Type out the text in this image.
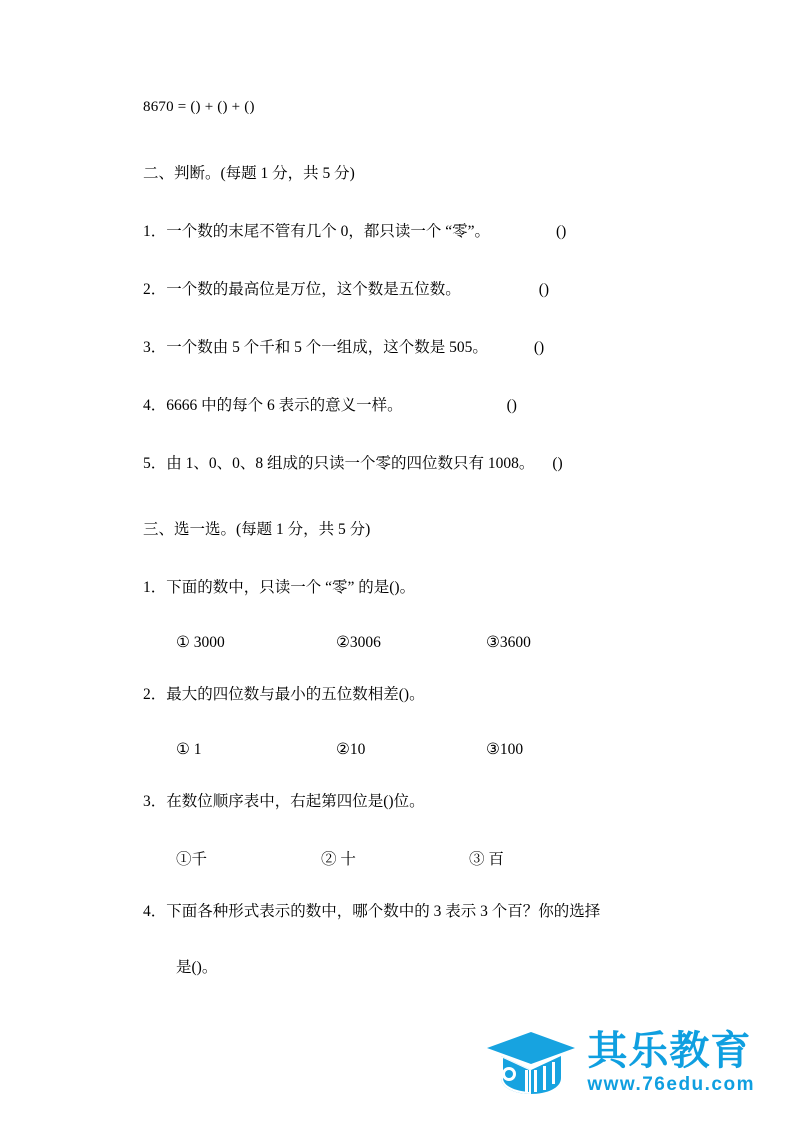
8670 = () + () + ()
二、判断。(每题 1 分，共 5 分)
1．一个数的末尾不管有几个 0，都只读一个 “零”。	()
2．一个数的最高位是万位，这个数是五位数。	()
3．一个数由 5 个千和 5 个一组成，这个数是 505。	()
4．6666 中的每个 6 表示的意义一样。	()
5．由 1、0、0、8 组成的只读一个零的四位数只有 1008。 ()
三、选一选。(每题 1 分，共 5 分)
1．下面的数中，只读一个 “零” 的是()。
① 3000	②3006	③3600
2．最大的四位数与最小的五位数相差()。
① 1	②10	③100
3．在数位顺序表中，右起第四位是()位。
①千	② 十	③ 百
4．下面各种形式表示的数中，哪个数中的 3 表示 3 个百？你的选择
是()。
其乐教育
www.76edu.com
